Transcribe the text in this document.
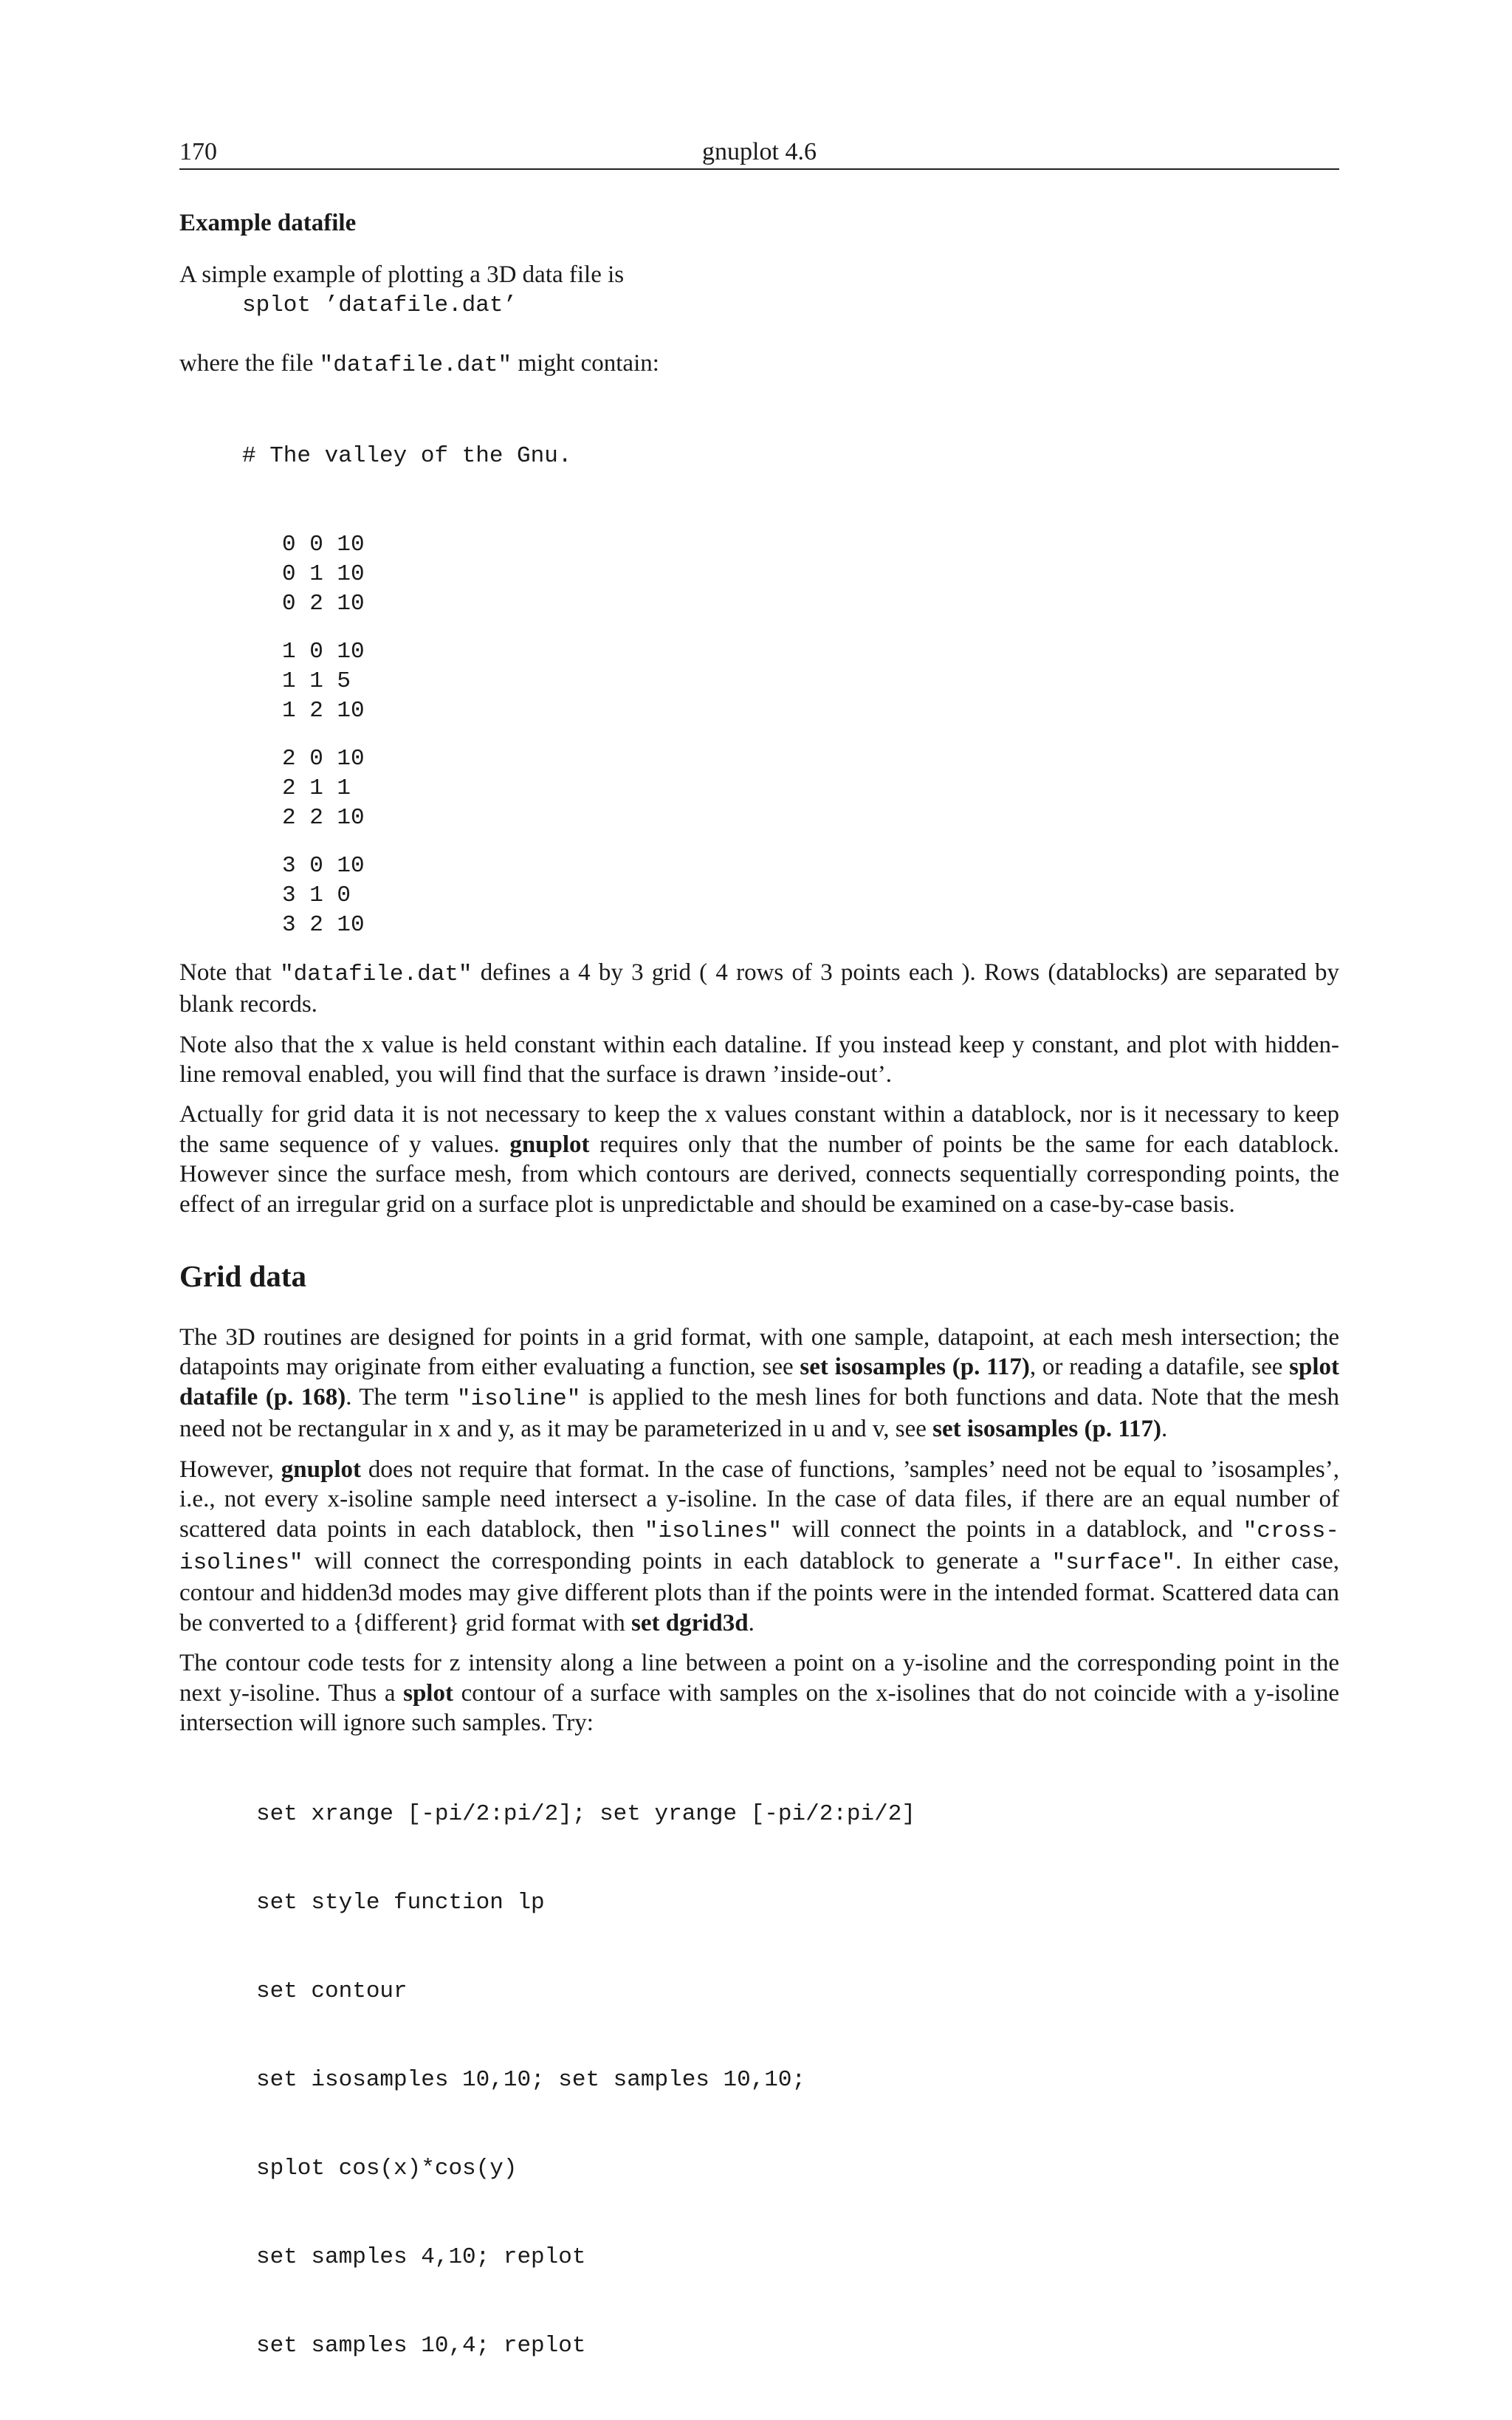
170	gnuplot 4.6
Example datafile

A simple example of plotting a 3D data file is

splot ’datafile.dat’

where the file "datafile.dat" might contain:

# The valley of the Gnu.

0 0 10
0 1 10
0 2 10
1 0 10
1 1 5
1 2 10
2 0 10
2 1 1
2 2 10
3 0 10
3 1 0
3 2 10

Note that "datafile.dat" defines a 4 by 3 grid ( 4 rows of 3 points each ). Rows (datablocks) are separated by blank records.

Note also that the x value is held constant within each dataline. If you instead keep y constant, and plot with hidden-line removal enabled, you will find that the surface is drawn ’inside-out’.

Actually for grid data it is not necessary to keep the x values constant within a datablock, nor is it necessary to keep the same sequence of y values. gnuplot requires only that the number of points be the same for each datablock. However since the surface mesh, from which contours are derived, connects sequentially corresponding points, the effect of an irregular grid on a surface plot is unpredictable and should be examined on a case-by-case basis.

Grid data

The 3D routines are designed for points in a grid format, with one sample, datapoint, at each mesh intersection; the datapoints may originate from either evaluating a function, see set isosamples (p. 117), or reading a datafile, see splot datafile (p. 168). The term "isoline" is applied to the mesh lines for both functions and data. Note that the mesh need not be rectangular in x and y, as it may be parameterized in u and v, see set isosamples (p. 117).

However, gnuplot does not require that format. In the case of functions, ’samples’ need not be equal to ’isosamples’, i.e., not every x-isoline sample need intersect a y-isoline. In the case of data files, if there are an equal number of scattered data points in each datablock, then "isolines" will connect the points in a datablock, and "cross-isolines" will connect the corresponding points in each datablock to generate a "surface". In either case, contour and hidden3d modes may give different plots than if the points were in the intended format. Scattered data can be converted to a {different} grid format with set dgrid3d.

The contour code tests for z intensity along a line between a point on a y-isoline and the corresponding point in the next y-isoline. Thus a splot contour of a surface with samples on the x-isolines that do not coincide with a y-isoline intersection will ignore such samples. Try:

set xrange [-pi/2:pi/2]; set yrange [-pi/2:pi/2]

set style function lp

set contour

set isosamples 10,10; set samples 10,10;

splot cos(x)*cos(y)

set samples 4,10; replot

set samples 10,4; replot
